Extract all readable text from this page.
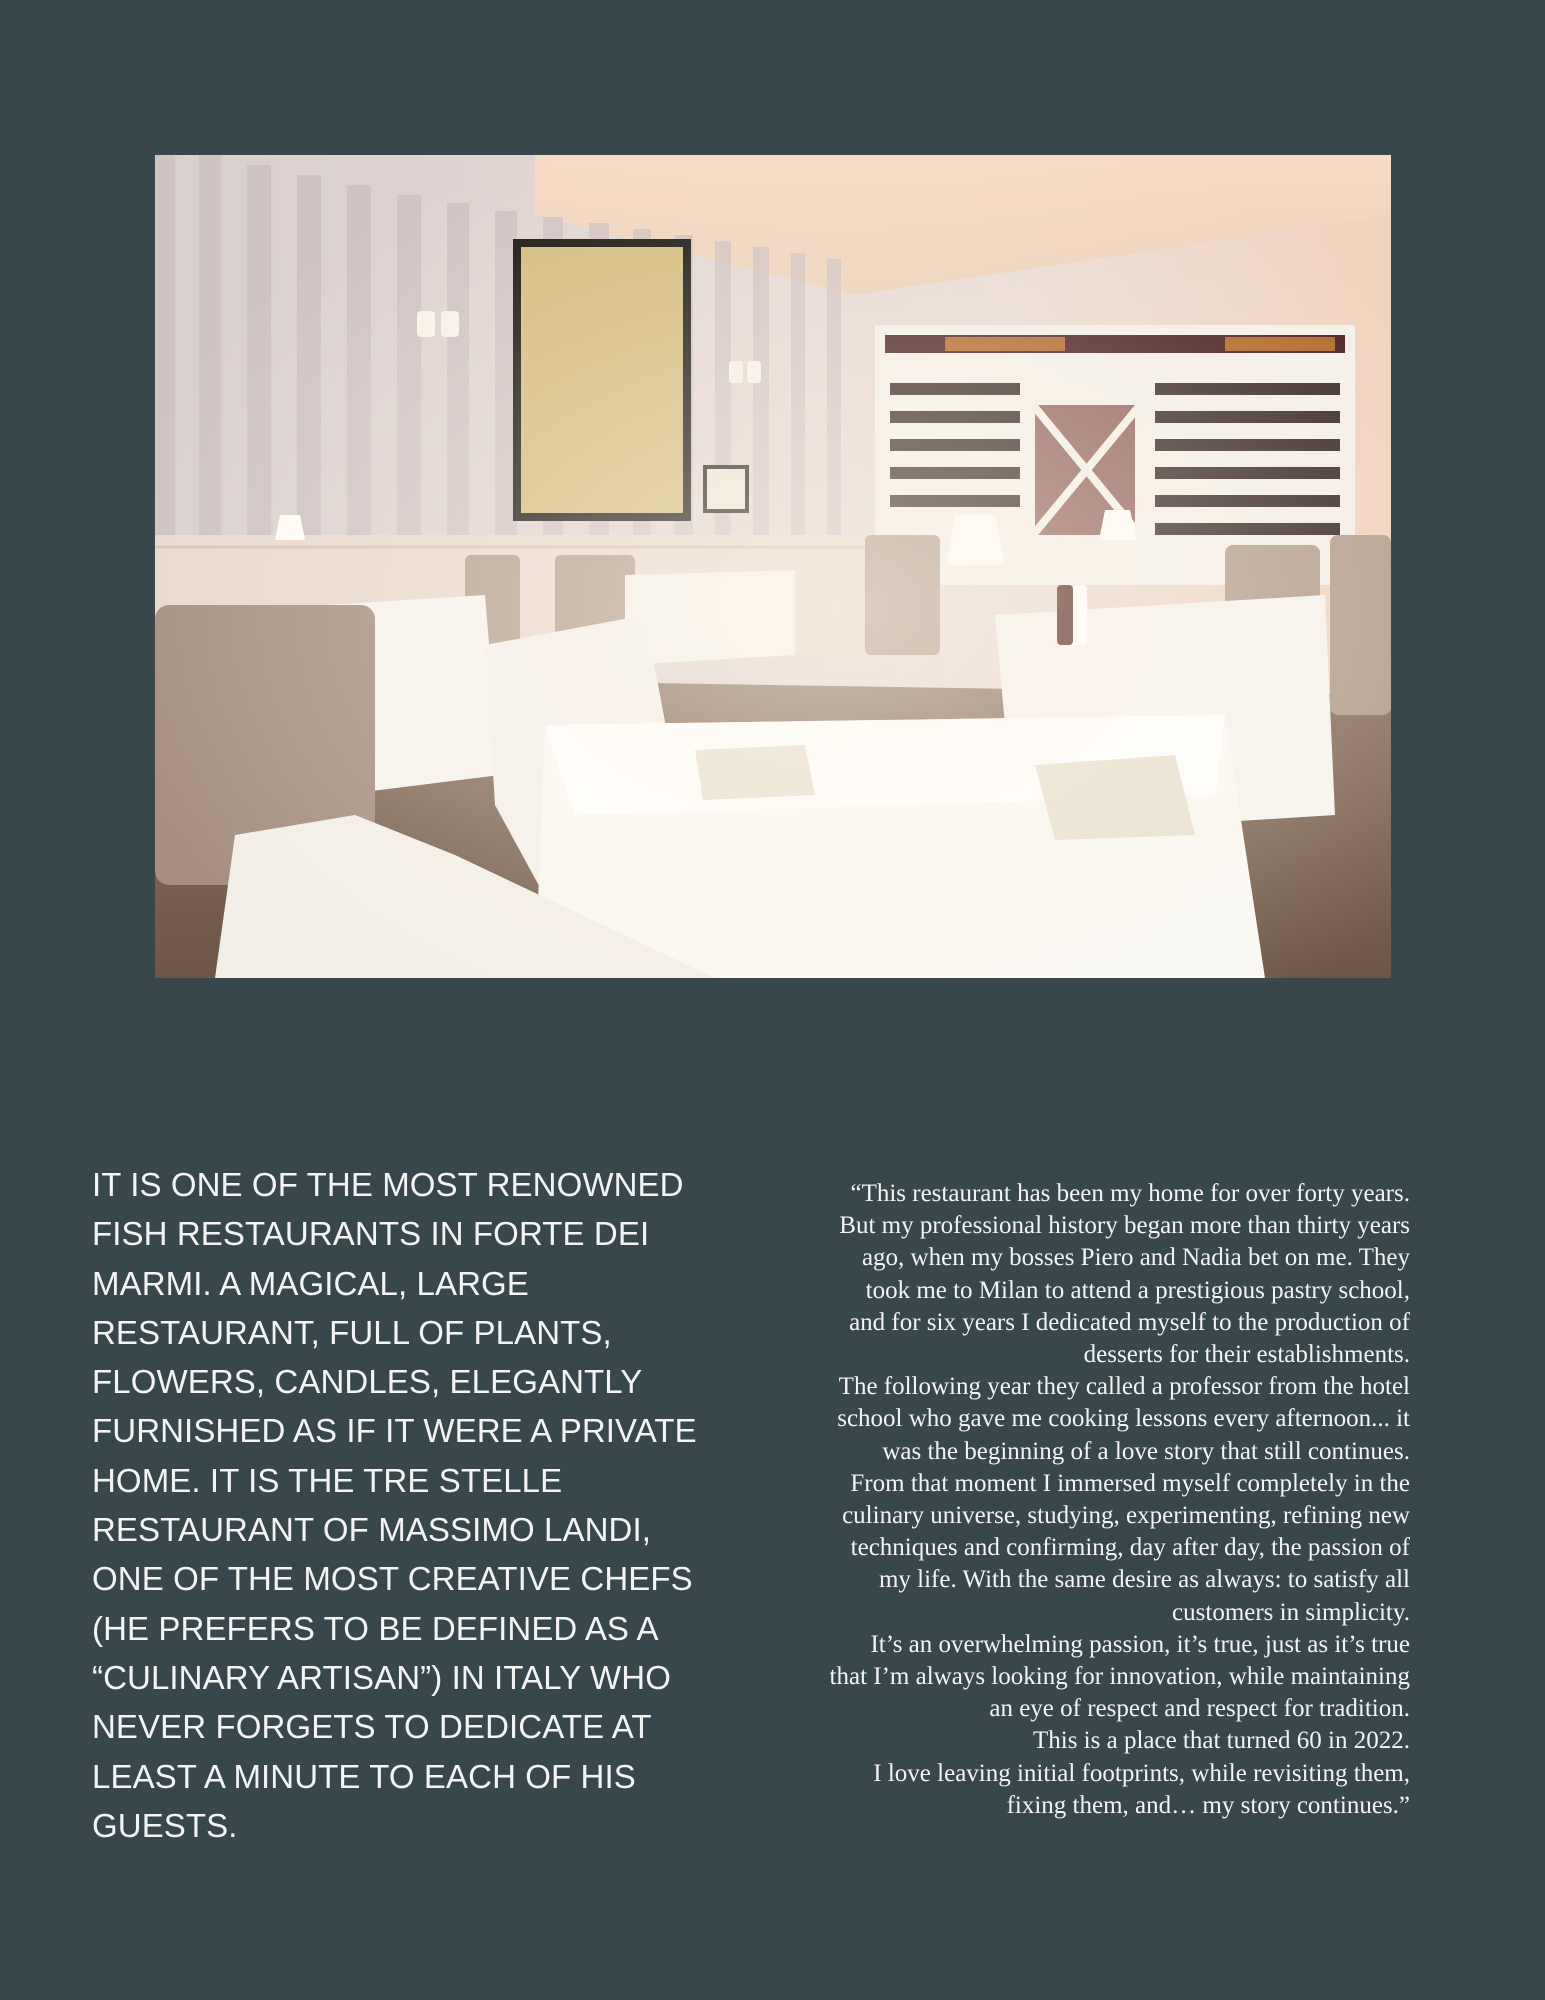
IT IS ONE OF THE MOST RENOWNED
FISH RESTAURANTS IN FORTE DEI
MARMI. A MAGICAL, LARGE
RESTAURANT, FULL OF PLANTS,
FLOWERS, CANDLES, ELEGANTLY
FURNISHED AS IF IT WERE A PRIVATE
HOME. IT IS THE TRE STELLE
RESTAURANT OF MASSIMO LANDI,
ONE OF THE MOST CREATIVE CHEFS
(HE PREFERS TO BE DEFINED AS A
“CULINARY ARTISAN”) IN ITALY WHO
NEVER FORGETS TO DEDICATE AT
LEAST A MINUTE TO EACH OF HIS
GUESTS.
“This restaurant has been my home for over forty years.
But my professional history began more than thirty years
ago, when my bosses Piero and Nadia bet on me. They
took me to Milan to attend a prestigious pastry school,
and for six years I dedicated myself to the production of
desserts for their establishments.
The following year they called a professor from the hotel
school who gave me cooking lessons every afternoon... it
was the beginning of a love story that still continues.
From that moment I immersed myself completely in the
culinary universe, studying, experimenting, refining new
techniques and confirming, day after day, the passion of
my life. With the same desire as always: to satisfy all
customers in simplicity.
It’s an overwhelming passion, it’s true, just as it’s true
that I’m always looking for innovation, while maintaining
an eye of respect and respect for tradition.
This is a place that turned 60 in 2022.
I love leaving initial footprints, while revisiting them,
fixing them, and… my story continues.”
